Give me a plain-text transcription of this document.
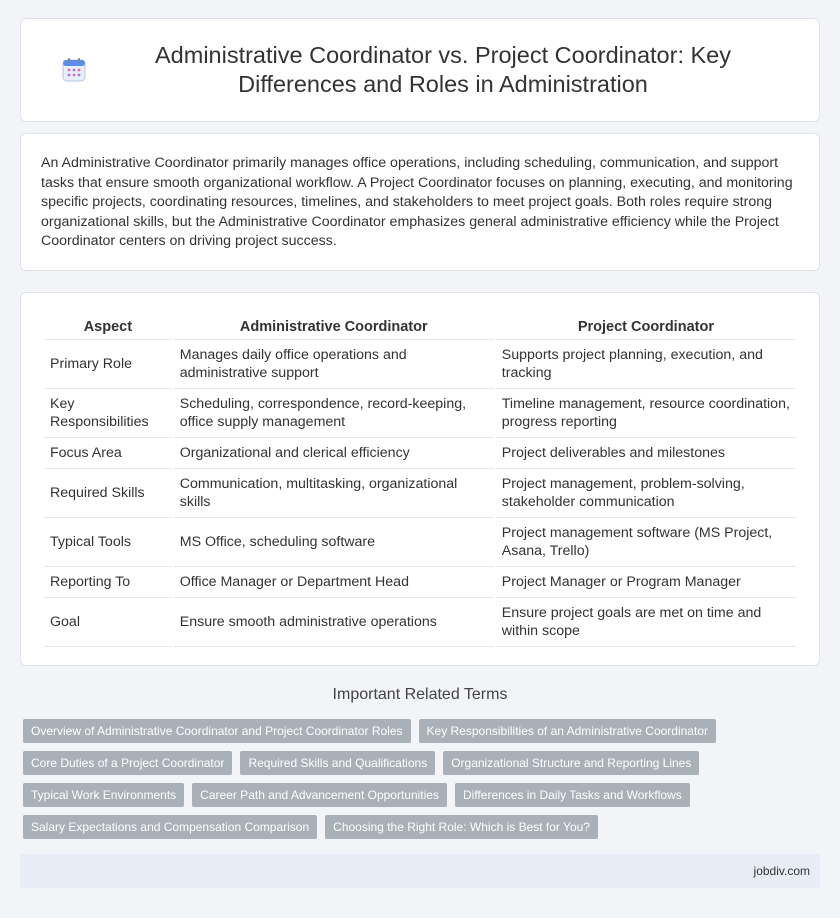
Administrative Coordinator vs. Project Coordinator: Key Differences and Roles in Administration

An Administrative Coordinator primarily manages office operations, including scheduling, communication, and support tasks that ensure smooth organizational workflow. A Project Coordinator focuses on planning, executing, and monitoring specific projects, coordinating resources, timelines, and stakeholders to meet project goals. Both roles require strong organizational skills, but the Administrative Coordinator emphasizes general administrative efficiency while the Project Coordinator centers on driving project success.

Aspect	Administrative Coordinator	Project Coordinator
Primary Role	Manages daily office operations and administrative support	Supports project planning, execution, and tracking
Key Responsibilities	Scheduling, correspondence, record-keeping, office supply management	Timeline management, resource coordination, progress reporting
Focus Area	Organizational and clerical efficiency	Project deliverables and milestones
Required Skills	Communication, multitasking, organizational skills	Project management, problem-solving, stakeholder communication
Typical Tools	MS Office, scheduling software	Project management software (MS Project, Asana, Trello)
Reporting To	Office Manager or Department Head	Project Manager or Program Manager
Goal	Ensure smooth administrative operations	Ensure project goals are met on time and within scope
Important Related Terms
Overview of Administrative Coordinator and Project Coordinator Roles	Key Responsibilities of an Administrative Coordinator
Core Duties of a Project Coordinator	Required Skills and Qualifications	Organizational Structure and Reporting Lines
Typical Work Environments	Career Path and Advancement Opportunities	Differences in Daily Tasks and Workflows
Salary Expectations and Compensation Comparison	Choosing the Right Role: Which is Best for You?
jobdiv.com
